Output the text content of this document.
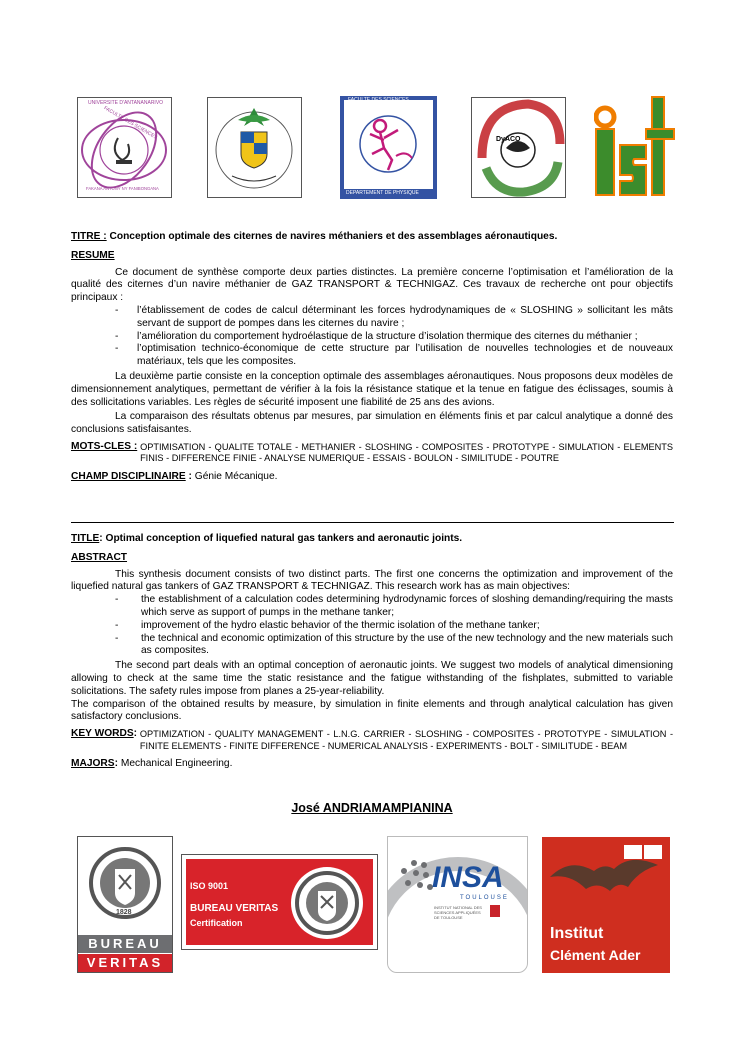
UNIVERSITE D'ANTANANARIVO
FACULTE DES SCIENCES
FAKANA ANTONY NY FANIBONGANA
FACULTE DES SCIENCES
DEPARTEMENT DE PHYSIQUE
DyACO
TITRE : Conception optimale des citernes de navires méthaniers et des assemblages aéronautiques.
RESUME
Ce document de synthèse comporte deux parties distinctes. La première concerne l’optimisation et l’amélioration de la qualité des citernes d’un navire méthanier de GAZ TRANSPORT & TECHNIGAZ. Ces travaux de recherche ont pour objectifs principaux :
- l’établissement de codes de calcul déterminant les forces hydrodynamiques de « SLOSHING » sollicitant les mâts servant de support de pompes dans les citernes du navire ;
- l’amélioration du comportement hydroélastique de la structure d’isolation thermique des citernes du méthanier ;
- l’optimisation technico-économique de cette structure par l’utilisation de nouvelles technologies et de nouveaux matériaux, tels que les composites.
La deuxième partie consiste en la conception optimale des assemblages aéronautiques. Nous proposons deux modèles de dimensionnement analytiques, permettant de vérifier à la fois la résistance statique et la tenue en fatigue des éclissages, soumis à des sollicitations variables. Les règles de sécurité imposent une fiabilité de 25 ans des avions.
La comparaison des résultats obtenus par mesures, par simulation en éléments finis et par calcul analytique a donné des conclusions satisfaisantes.
MOTS-CLES : OPTIMISATION - QUALITE TOTALE - METHANIER - SLOSHING - COMPOSITES - PROTOTYPE - SIMULATION - ELEMENTS FINIS - DIFFERENCE FINIE - ANALYSE NUMERIQUE - ESSAIS - BOULON - SIMILITUDE - POUTRE
CHAMP DISCIPLINAIRE : Génie Mécanique.
TITLE: Optimal conception of liquefied natural gas tankers and aeronautic joints.
ABSTRACT
This synthesis document consists of two distinct parts. The first one concerns the optimization and improvement of the liquefied natural gas tankers of GAZ TRANSPORT & TECHNIGAZ. This research work has as main objectives:
- the establishment of a calculation codes determining hydrodynamic forces of sloshing demanding/requiring the masts which serve as support of pumps in the methane tanker;
- improvement of the hydro elastic behavior of the thermic isolation of the methane tanker;
- the technical and economic optimization of this structure by the use of the new technology and the new materials such as composites.
The second part deals with an optimal conception of aeronautic joints. We suggest two models of analytical dimensioning allowing to check at the same time the static resistance and the fatigue withstanding of the fishplates, submitted to variable solicitations. The safety rules impose from planes a 25-year-reliability.
The comparison of the obtained results by measure, by simulation in finite elements and through analytical calculation has given satisfactory conclusions.
KEY WORDS: OPTIMIZATION - QUALITY MANAGEMENT - L.N.G. CARRIER - SLOSHING - COMPOSITES - PROTOTYPE - SIMULATION - FINITE ELEMENTS - FINITE DIFFERENCE - NUMERICAL ANALYSIS - EXPERIMENTS - BOLT - SIMILITUDE - BEAM
MAJORS: Mechanical Engineering.
José ANDRIAMAMPIANINA
1828
BUREAU
VERITAS
ISO 9001
BUREAU VERITAS
Certification
INSA
TOULOUSE
INSTITUT NATIONAL DES SCIENCES APPLIQUÉES DE TOULOUSE
Institut
Clément Ader
